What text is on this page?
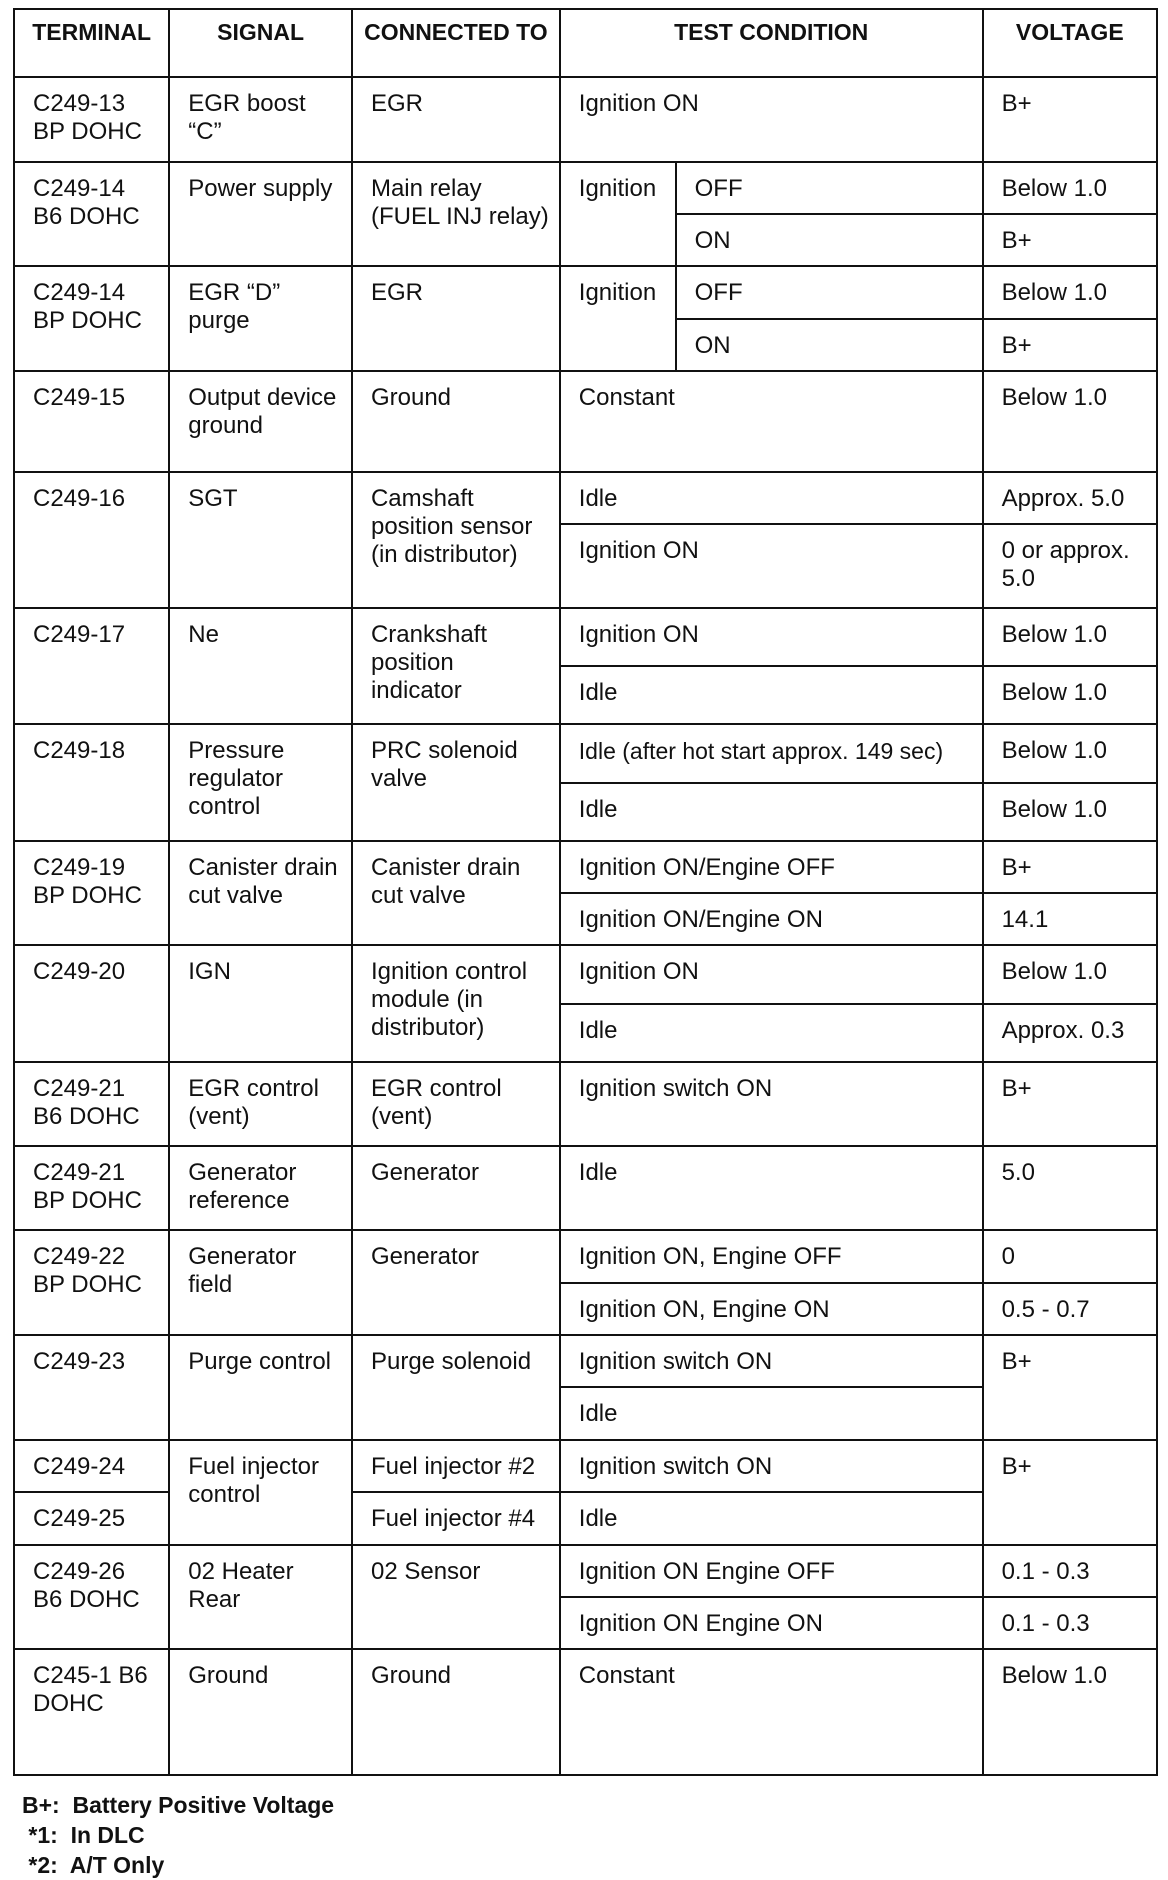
TERMINAL	SIGNAL	CONNECTED TO	TEST CONDITION		VOLTAGE
C249-13 BP DOHC	EGR boost “C”	EGR	Ignition ON		B+
C249-14 B6 DOHC	Power supply	Main relay (FUEL INJ relay)	Ignition	OFF	Below 1.0
				ON	B+
C249-14 BP DOHC	EGR “D” purge	EGR	Ignition	OFF	Below 1.0
				ON	B+
C249-15	Output device ground	Ground	Constant		Below 1.0
C249-16	SGT	Camshaft position sensor (in distributor)	Idle		Approx. 5.0
			Ignition ON		0 or approx. 5.0
C249-17	Ne	Crankshaft position indicator	Ignition ON		Below 1.0
			Idle		Below 1.0
C249-18	Pressure regulator control	PRC solenoid valve	Idle (after hot start approx. 149 sec)		Below 1.0
			Idle		Below 1.0
C249-19 BP DOHC	Canister drain cut valve	Canister drain cut valve	Ignition ON/Engine OFF		B+
			Ignition ON/Engine ON		14.1
C249-20	IGN	Ignition control module (in distributor)	Ignition ON		Below 1.0
			Idle		Approx. 0.3
C249-21 B6 DOHC	EGR control (vent)	EGR control (vent)	Ignition switch ON		B+
C249-21 BP DOHC	Generator reference	Generator	Idle		5.0
C249-22 BP DOHC	Generator field	Generator	Ignition ON, Engine OFF		0
			Ignition ON, Engine ON		0.5 - 0.7
C249-23	Purge control	Purge solenoid	Ignition switch ON		B+
			Idle		
C249-24	Fuel injector control	Fuel injector #2	Ignition switch ON		B+
C249-25		Fuel injector #4	Idle		
C249-26 B6 DOHC	02 Heater Rear	02 Sensor	Ignition ON Engine OFF		0.1 - 0.3
			Ignition ON Engine ON		0.1 - 0.3
C245-1 B6 DOHC	Ground	Ground	Constant		Below 1.0
B+:  Battery Positive Voltage
*1:  In DLC
*2:  A/T Only
